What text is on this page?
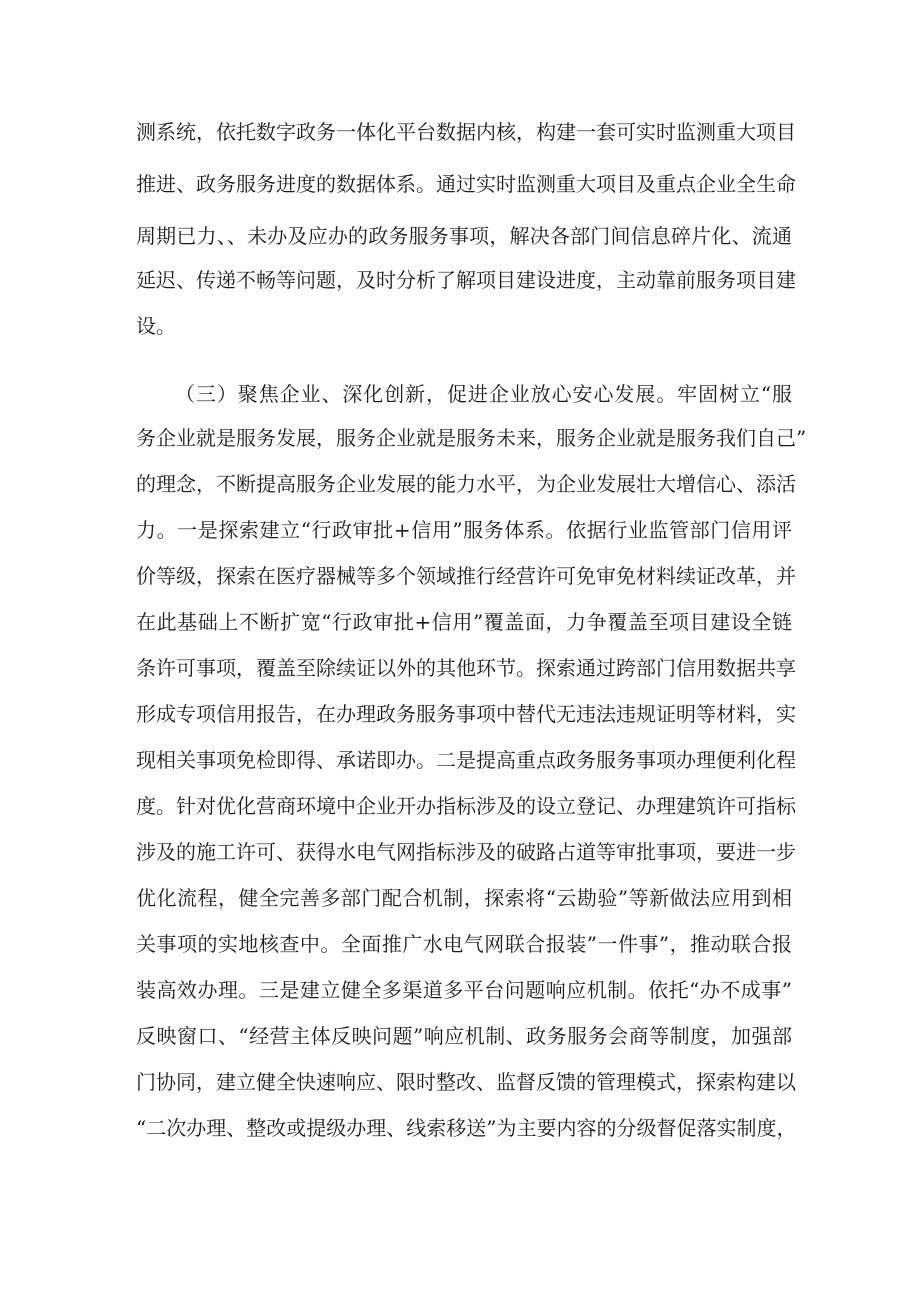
测系统，依托数字政务一体化平台数据内核，构建一套可实时监测重大项目
推进、政务服务进度的数据体系。通过实时监测重大项目及重点企业全生命
周期已力、、未办及应办的政务服务事项，解决各部门间信息碎片化、流通
延迟、传递不畅等问题，及时分析了解项目建设进度，主动靠前服务项目建
设。
（三）聚焦企业、深化创新，促进企业放心安心发展。牢固树立“服
务企业就是服务发展，服务企业就是服务未来，服务企业就是服务我们自己”
的理念，不断提高服务企业发展的能力水平，为企业发展壮大增信心、添活
力。一是探索建立“行政审批+信用”服务体系。依据行业监管部门信用评
价等级，探索在医疗器械等多个领域推行经营许可免审免材料续证改革，并
在此基础上不断扩宽“行政审批+信用”覆盖面，力争覆盖至项目建设全链
条许可事项，覆盖至除续证以外的其他环节。探索通过跨部门信用数据共享
形成专项信用报告，在办理政务服务事项中替代无违法违规证明等材料，实
现相关事项免检即得、承诺即办。二是提高重点政务服务事项办理便利化程
度。针对优化营商环境中企业开办指标涉及的设立登记、办理建筑许可指标
涉及的施工许可、获得水电气网指标涉及的破路占道等审批事项，要进一步
优化流程，健全完善多部门配合机制，探索将“云勘验”等新做法应用到相
关事项的实地核查中。全面推广水电气网联合报装”一件事”，推动联合报
装高效办理。三是建立健全多渠道多平台问题响应机制。依托“办不成事”
反映窗口、“经营主体反映问题”响应机制、政务服务会商等制度，加强部
门协同，建立健全快速响应、限时整改、监督反馈的管理模式，探索构建以
“二次办理、整改或提级办理、线索移送”为主要内容的分级督促落实制度，
